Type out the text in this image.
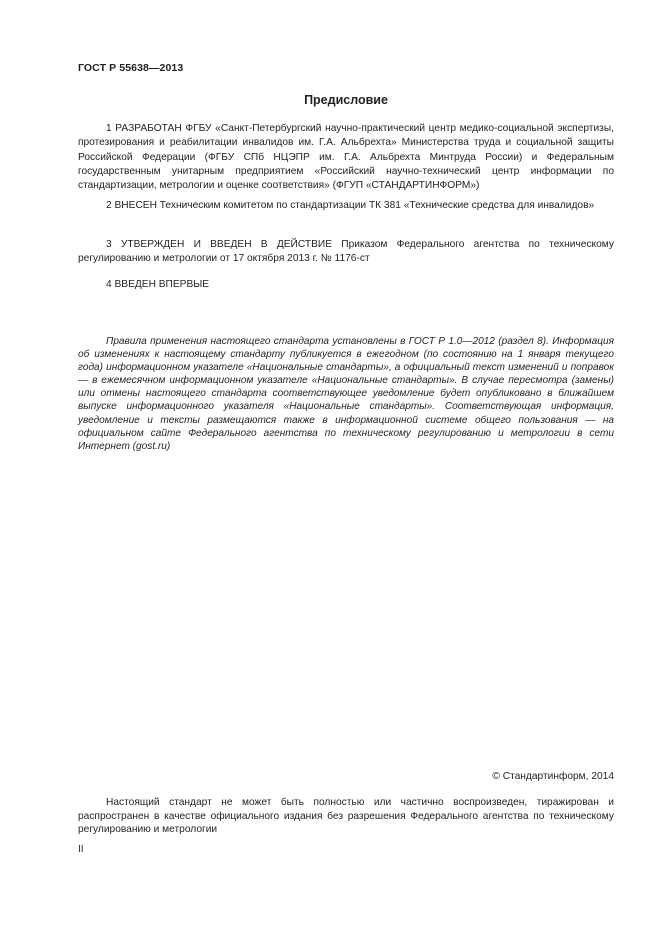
ГОСТ Р 55638—2013
Предисловие
1 РАЗРАБОТАН ФГБУ «Санкт-Петербургский научно-практический центр медико-социальной экспертизы, протезирования и реабилитации инвалидов им. Г.А. Альбрехта» Министерства труда и социальной защиты Российской Федерации (ФГБУ СПб НЦЭПР им. Г.А. Альбрехта Минтруда России) и Федеральным государственным унитарным предприятием «Российский научно-технический центр информации по стандартизации, метрологии и оценке соответствия» (ФГУП «СТАНДАРТИНФОРМ»)
2 ВНЕСЕН Техническим комитетом по стандартизации ТК 381 «Технические средства для инвалидов»
3 УТВЕРЖДЕН И ВВЕДЕН В ДЕЙСТВИЕ Приказом Федерального агентства по техническому регулированию и метрологии от 17 октября 2013 г. № 1176-ст
4 ВВЕДЕН ВПЕРВЫЕ
Правила применения настоящего стандарта установлены в ГОСТ Р 1.0—2012 (раздел 8). Информация об изменениях к настоящему стандарту публикуется в ежегодном (по состоянию на 1 января текущего года) информационном указателе «Национальные стандарты», а официальный текст изменений и поправок — в ежемесячном информационном указателе «Национальные стандарты». В случае пересмотра (замены) или отмены настоящего стандарта соответствующее уведомление будет опубликовано в ближайшем выпуске информационного указателя «Национальные стандарты». Соответствующая информация, уведомление и тексты размещаются также в информационной системе общего пользования — на официальном сайте Федерального агентства по техническому регулированию и метрологии в сети Интернет (gost.ru)
© Стандартинформ, 2014
Настоящий стандарт не может быть полностью или частично воспроизведен, тиражирован и распространен в качестве официального издания без разрешения Федерального агентства по техническому регулированию и метрологии
II
